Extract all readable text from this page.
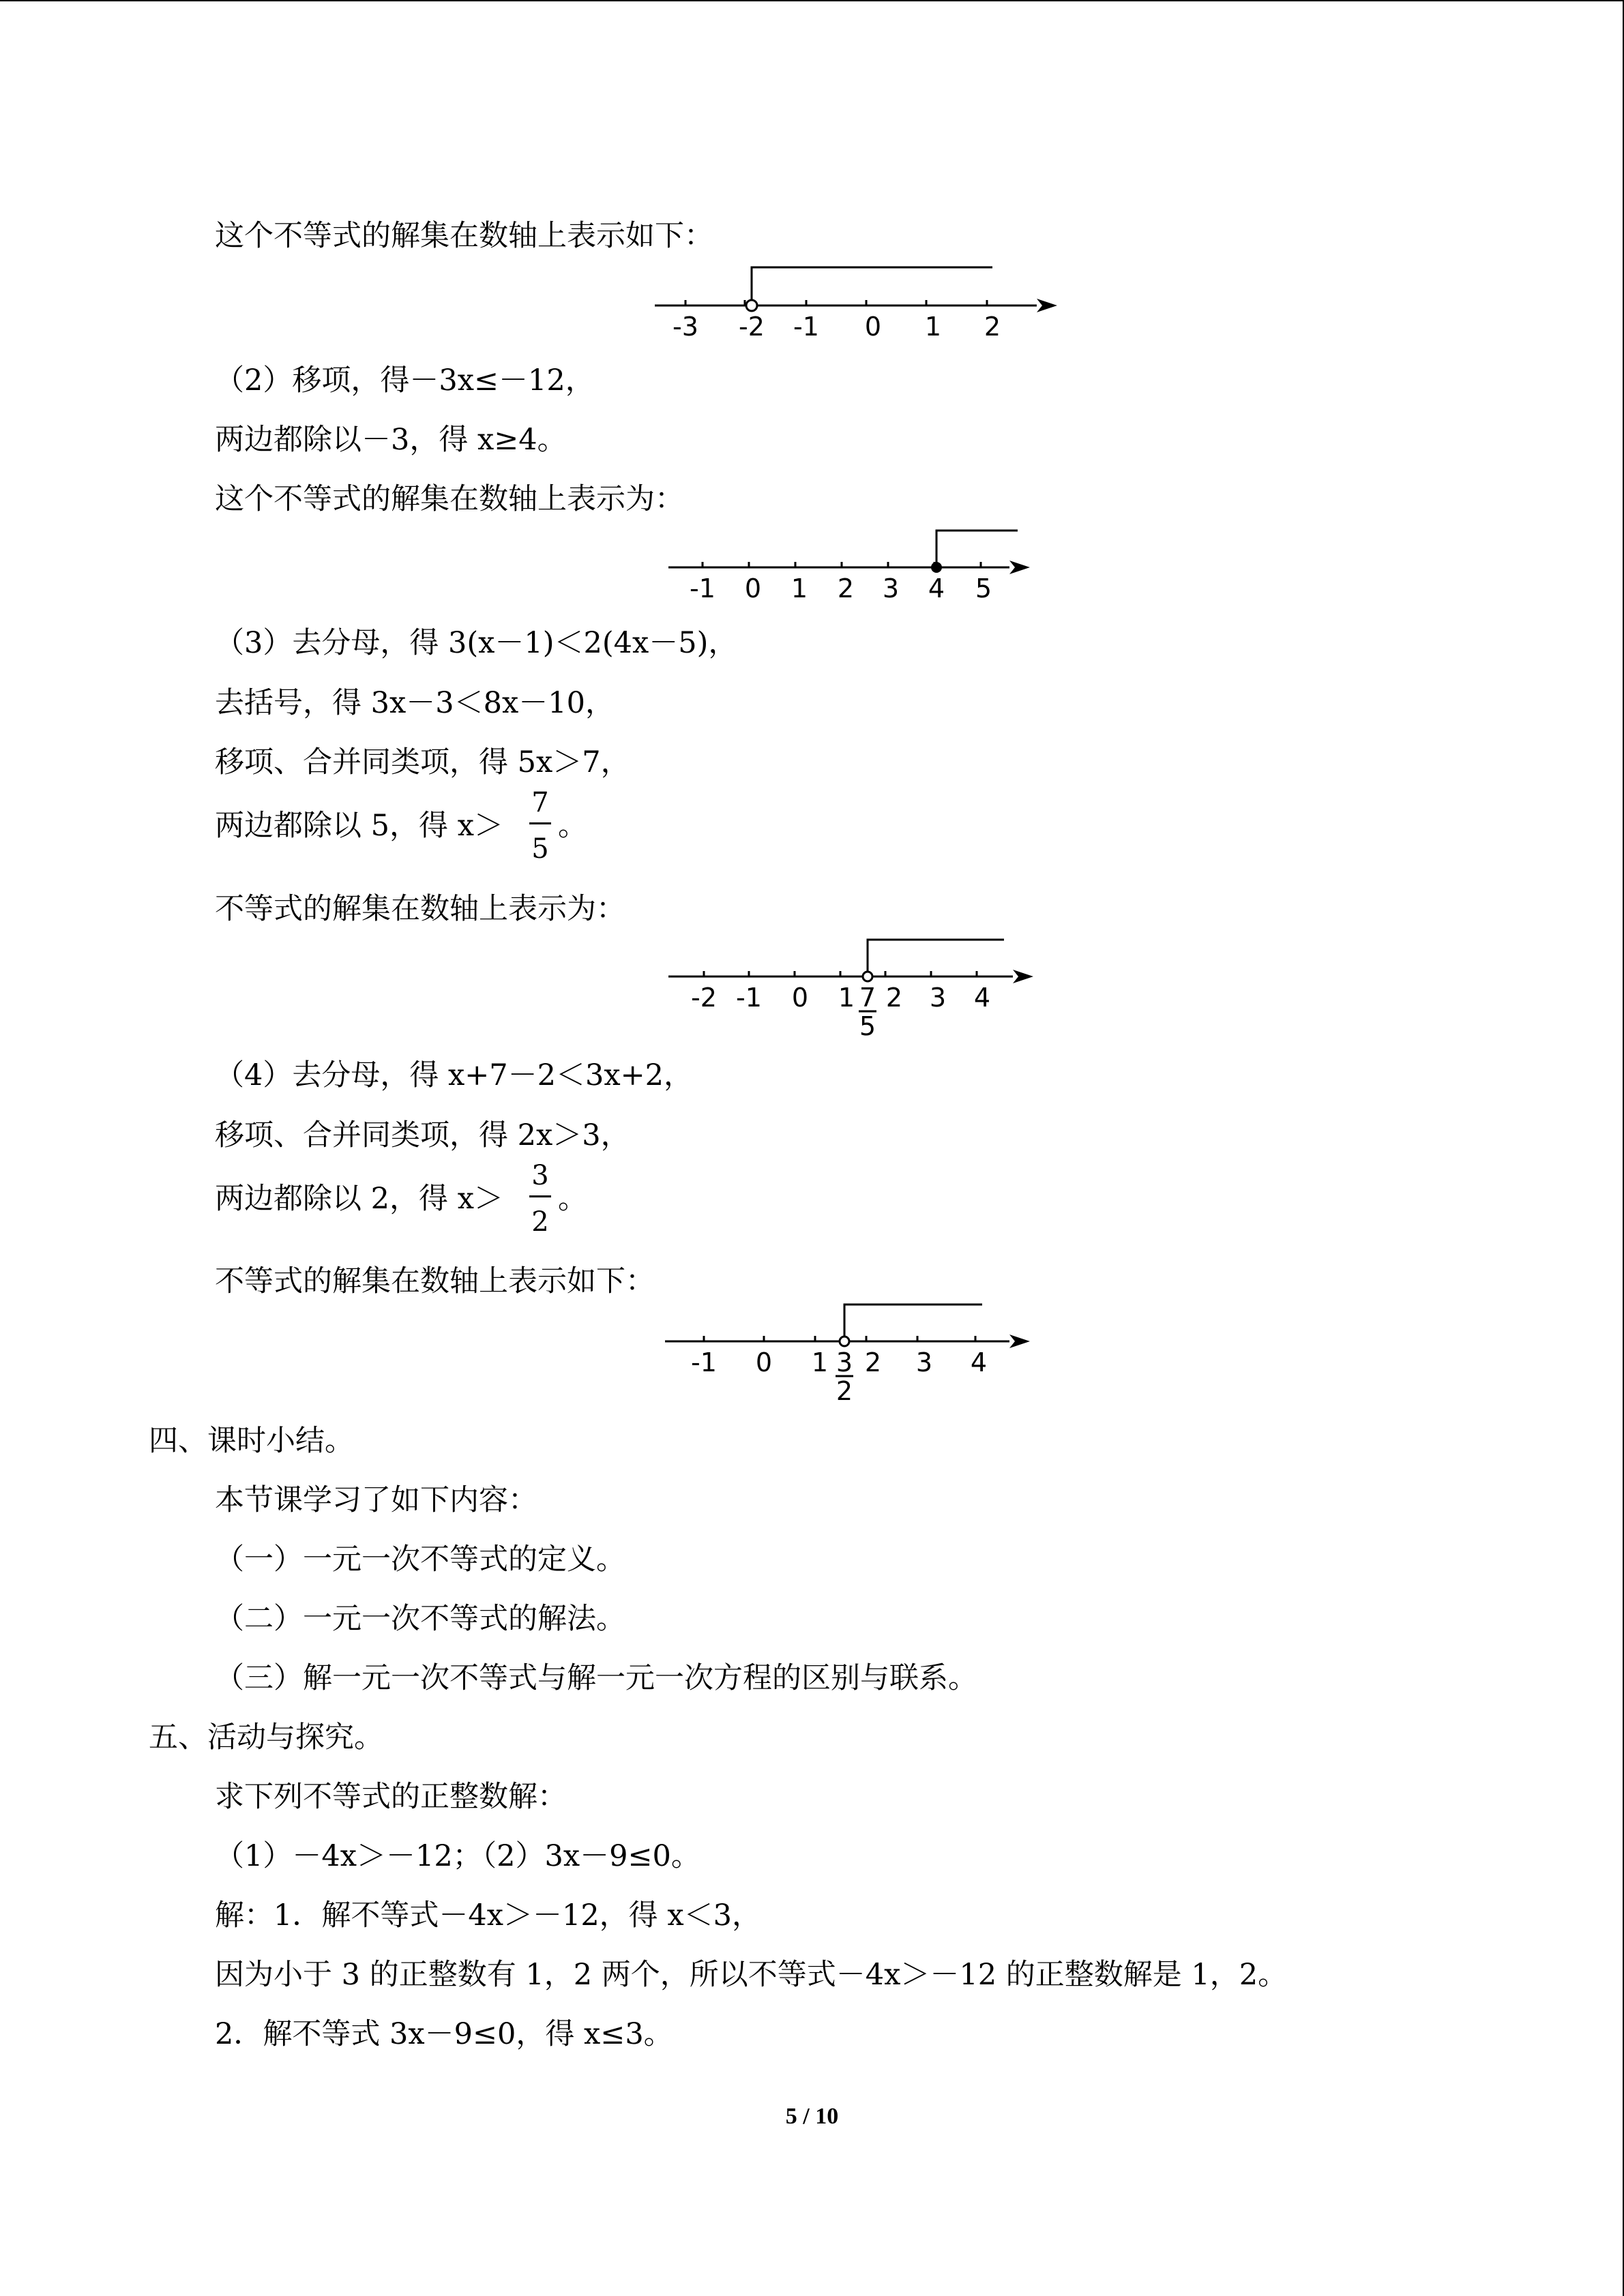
这个不等式的解集在数轴上表示如下：
-3 -2 -1 0 1 2
（2）移项，得－3x≤－12，
两边都除以－3，得 x≥4。
这个不等式的解集在数轴上表示为：
-1 0 1 2 3 4 5
（3）去分母，得 3(x－1)＜2(4x－5)，
去括号，得 3x－3＜8x－10，
移项、合并同类项，得 5x＞7，
两边都除以 5，得 x＞
7
5
。
不等式的解集在数轴上表示为：
-2 -1 0 1 2 3 4
7
5
（4）去分母，得 x+7－2＜3x+2，
移项、合并同类项，得 2x＞3，
两边都除以 2，得 x＞
3
2
。
不等式的解集在数轴上表示如下：
-1 0 1 2 3 4
3
2
四、课时小结。
本节课学习了如下内容：
（一）一元一次不等式的定义。
（二）一元一次不等式的解法。
（三）解一元一次不等式与解一元一次方程的区别与联系。
五、活动与探究。
求下列不等式的正整数解：
（1）－4x＞－12；（2）3x－9≤0。
解：1．解不等式－4x＞－12，得 x＜3，
因为小于 3 的正整数有 1，2 两个，所以不等式－4x＞－12 的正整数解是 1，2。
2．解不等式 3x－9≤0，得 x≤3。
5 / 10
